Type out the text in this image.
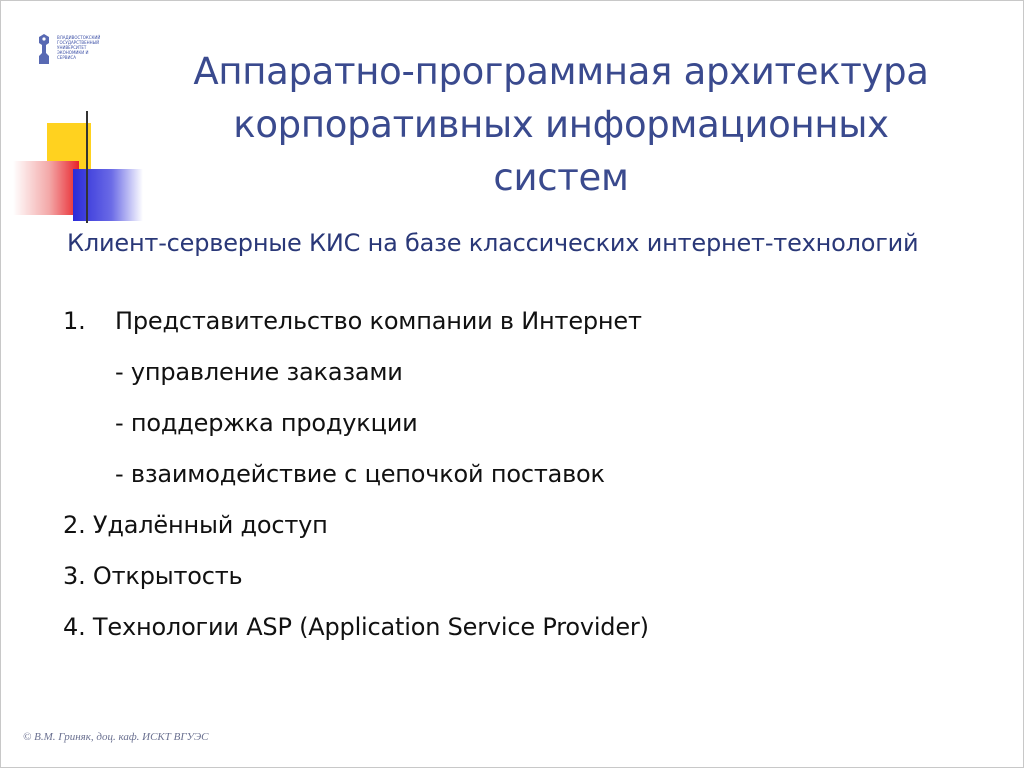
ВЛАДИВОСТОКСКИЙ
ГОСУДАРСТВЕННЫЙ
УНИВЕРСИТЕТ
ЭКОНОМИКИ И
СЕРВИСА	Аппаратно-программная архитектура
корпоративных информационных
систем
Клиент-серверные КИС на базе классических интернет-технологий
1. Представительство компании в Интернет
- управление заказами
- поддержка продукции
- взаимодействие с цепочкой поставок
2. Удалённый доступ
3. Открытость
4. Технологии ASP (Application Service Provider)
© В.М. Гриняк, доц. каф. ИСКТ ВГУЭС
